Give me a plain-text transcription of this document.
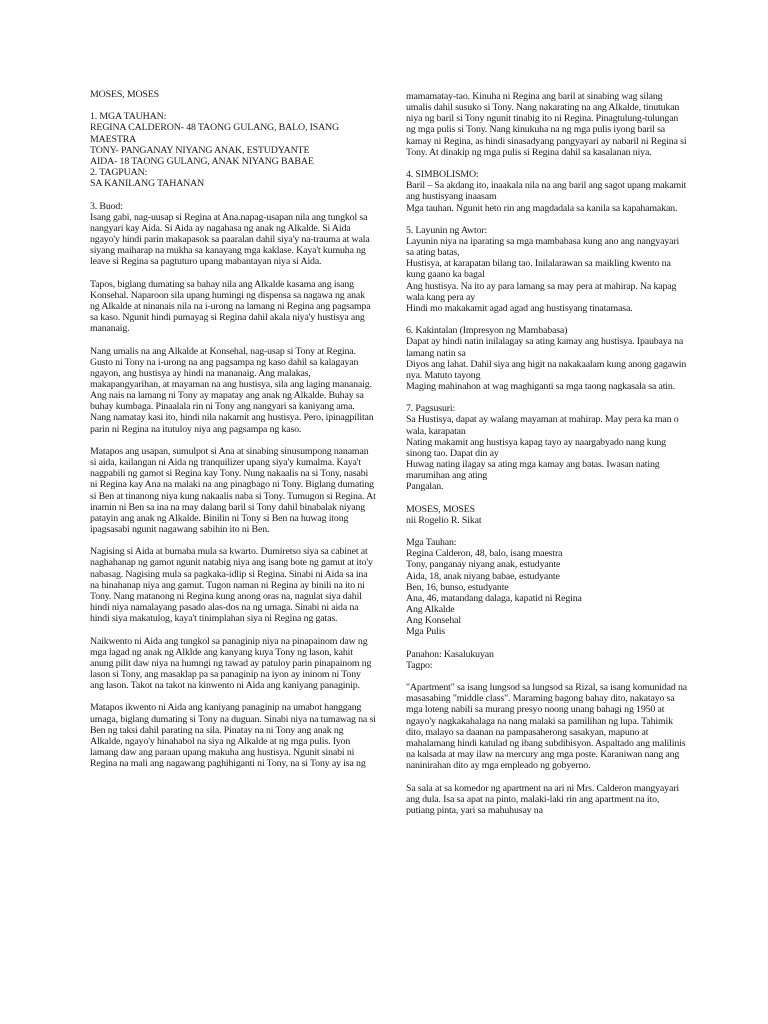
MOSES, MOSES

1. MGA TAUHAN:
REGINA CALDERON- 48 TAONG GULANG, BALO, ISANG MAESTRA
TONY- PANGANAY NIYANG ANAK, ESTUDYANTE
AIDA- 18 TAONG GULANG, ANAK NIYANG BABAE
2. TAGPUAN:
SA KANILANG TAHANAN

3. Buod:
Isang gabi, nag-uusap si Regina at Ana.napag-usapan nila ang tungkol sa nangyari kay Aida. Si Aida ay nagahasa ng anak ng Alkalde. Si Aida ngayo'y hindi parin makapasok sa paaralan dahil siya'y na-trauma at wala siyang maiharap na mukha sa kanayang mga kaklase. Kaya't kumuha ng leave si Regina sa pagtuturo upang mabantayan niya si Aida.

Tapos, biglang dumating sa bahay nila ang Alkalde kasama ang isang Konsehal. Naparoon sila upang humingi ng dispensa sa nagawa ng anak ng Alkalde at ninanais nila na i-urong na lamang ni Regina ang pagsampa sa kaso. Ngunit hindi pumayag si Regina dahil akala niya'y hustisya ang mananaig.

Nang umalis na ang Alkalde at Konsehal, nag-usap si Tony at Regina. Gusto ni Tony na i-urong na ang pagsampa ng kaso dahil sa kalagayan ngayon, ang hustisya ay hindi na mananaig. Ang malakas, makapangyarihan, at mayaman na ang hustisya, sila ang laging mananaig. Ang nais na lamang ni Tony ay mapatay ang anak ng Alkalde. Buhay sa buhay kumbaga. Pinaalala rin ni Tony ang nangyari sa kaniyang ama. Nang namatay kasi ito, hindi nila nakamit ang hustisya. Pero, ipinagpilitan parin ni Regina na itutuloy niya ang pagsampa ng kaso.

Matapos ang usapan, sumulpot si Ana at sinabing sinusumpong nanaman si aida, kailangan ni Aida ng tranquilizer upang siya'y kumalma. Kaya't nagpabili ng gamot si Regina kay Tony. Nung nakaalis na si Tony, nasabi ni Regina kay Ana na malaki na ang pinagbago ni Tony. Biglang dumating si Ben at tinanong niya kung nakaalis naba si Tony. Tumugon si Regina. At inamin ni Ben sa ina na may dalang baril si Tony dahil binabalak niyang patayin ang anak ng Alkalde. Binilin ni Tony si Ben na huwag itong ipagsasabi ngunit nagawang sabihin ito ni Ben.

Nagising si Aida at bumaba mula sa kwarto. Dumiretso siya sa cabinet at naghahanap ng gamot ngunit natabig niya ang isang bote ng gamut at ito'y nabasag. Nagising mula sa pagkaka-idlip si Regina. Sinabi ni Aida sa ina na hinahanap niya ang gamut. Tugon naman ni Regina ay binili na ito ni Tony. Nang matanong ni Regina kung anong oras na, nagulat siya dahil hindi niya namalayang pasado alas-dos na ng umaga. Sinabi ni aida na hindi siya makatulog, kaya't tinimplahan siya ni Regina ng gatas.

Naikwento ni Aida ang tungkol sa panaginip niya na pinapainom daw ng mga lagad ng anak ng Alklde ang kanyang kuya Tony ng lason, kahit anung pilit daw niya na humngi ng tawad ay patuloy parin pinapainom ng lason si Tony, ang masaklap pa sa panaginip na iyon ay ininom ni Tony ang lason. Takot na takot na kinwento ni Aida ang kaniyang panaginip.

Matapos ikwento ni Aida ang kaniyang panaginip na umabot hanggang umaga, biglang dumating si Tony na duguan. Sinabi niya na tumawag na si Ben ng taksi dahil parating na sila. Pinatay na ni Tony ang anak ng Alkalde, ngayo'y hinahabol na siya ng Alkalde at ng mga pulis. Iyon lamang daw ang paraan upang makuha ang hustisya. Ngunit sinabi ni Regina na mali ang nagawang paghihiganti ni Tony, na si Tony ay isa ng

mamamatay-tao. Kinuha ni Regina ang baril at sinabing wag silang umalis dahil susuko si Tony. Nang nakarating na ang Alkalde, tinutukan niya ng baril si Tony ngunit tinabig ito ni Regina. Pinagtulung-tulungan ng mga pulis si Tony. Nang kinukuha na ng mga pulis iyong baril sa kamay ni Regina, as hindi sinasadyang pangyayari ay nabaril ni Regina si Tony. At dinakip ng mga pulis si Regina dahil sa kasalanan niya.

4. SIMBOLISMO:
Baril – Sa akdang ito, inaakala nila na ang baril ang sagot upang makamit ang hustisyang inaasam
Mga tauhan. Ngunit heto rin ang magdadala sa kanila sa kapahamakan.

5. Layunin ng Awtor:
Layunin niya na iparating sa mga mambabasa kung ano ang nangyayari sa ating batas,
Hustisya, at karapatan bilang tao. Inilalarawan sa maikling kwento na kung gaano ka bagal
Ang hustisya. Na ito ay para lamang sa may pera at mahirap. Na kapag wala kang pera ay
Hindi mo makakamit agad agad ang hustisyang tinatamasa.

6. Kakintalan (Impresyon ng Mambabasa)
Dapat ay hindi natin inilalagay sa ating kamay ang hustisya. Ipaubaya na lamang natin sa
Diyos ang lahat. Dahil siya ang higit na nakakaalam kung anong gagawin nya. Matuto tayong
Maging mahinahon at wag maghiganti sa mga taong nagkasala sa atin.

7. Pagsusuri:
Sa Hustisya, dapat ay walang mayaman at mahirap. May pera ka man o wala, karapatan
Nating makamit ang hustisya kapag tayo ay naargabyado nang kung sinong tao. Dapat din ay
Huwag nating ilagay sa ating mga kamay ang batas. Iwasan nating marumihan ang ating
Pangalan.

MOSES, MOSES
nii Rogelio R. Sikat

Mga Tauhan:
Regina Calderon, 48, balo, isang maestra
Tony, panganay niyang anak, estudyante
Aida, 18, anak niyang babae, estudyante
Ben, 16, bunso, estudyante
Ana, 46, matandang dalaga, kapatid ni Regina
Ang Alkalde
Ang Konsehal
Mga Pulis

Panahon: Kasalukuyan
Tagpo:

"Apartment" sa isang lungsod sa lungsod sa Rizal, sa isang komunidad na masasabing "middle class". Maraming bagong bahay dito, nakatayo sa mga loteng nabili sa murang presyo noong unang bahagi ng 1950 at ngayo'y nagkakahalaga na nang malaki sa pamilihan ng lupa. Tahimik dito, malayo sa daanan na pampasaherong sasakyan, mapuno at mahalamang hindi katulad ng ibang subdibisyon. Aspaltado ang malilinis na kalsada at may ilaw na mercury ang mga poste. Karaniwan nang ang naninirahan dito ay mga empleado ng gobyerno.

Sa sala at sa komedor ng apartment na ari ni Mrs. Calderon mangyayari ang dula. Isa sa apat na pinto, malaki-laki rin ang apartment na ito, putiang pinta, yari sa mahuhusay na
